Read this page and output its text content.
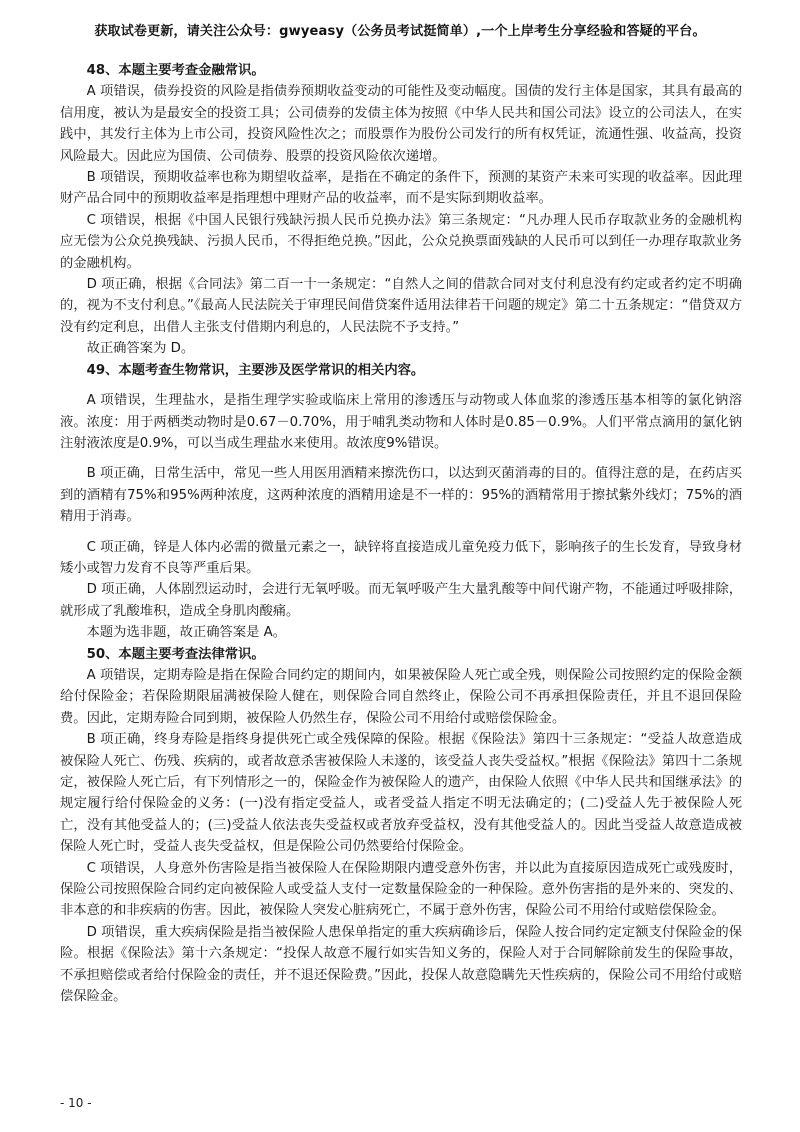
获取试卷更新，请关注公众号：gwyeasy（公务员考试挺简单）,一个上岸考生分享经验和答疑的平台。

48、本题主要考查金融常识。

A 项错误，债券投资的风险是指债券预期收益变动的可能性及变动幅度。国债的发行主体是国家，其具有最高的信用度，被认为是最安全的投资工具；公司债券的发债主体为按照《中华人民共和国公司法》设立的公司法人，在实践中，其发行主体为上市公司，投资风险性次之；而股票作为股份公司发行的所有权凭证，流通性强、收益高，投资风险最大。因此应为国债、公司债券、股票的投资风险依次递增。

B 项错误，预期收益率也称为期望收益率，是指在不确定的条件下，预测的某资产未来可实现的收益率。因此理财产品合同中的预期收益率是指理想中理财产品的收益率，而不是实际到期收益率。

C 项错误，根据《中国人民银行残缺污损人民币兑换办法》第三条规定：“凡办理人民币存取款业务的金融机构应无偿为公众兑换残缺、污损人民币，不得拒绝兑换。”因此，公众兑换票面残缺的人民币可以到任一办理存取款业务的金融机构。

D 项正确，根据《合同法》第二百一十一条规定：“自然人之间的借款合同对支付利息没有约定或者约定不明确的，视为不支付利息。”《最高人民法院关于审理民间借贷案件适用法律若干问题的规定》第二十五条规定：“借贷双方没有约定利息，出借人主张支付借期内利息的，人民法院不予支持。”

故正确答案为 D。

49、本题考查生物常识，主要涉及医学常识的相关内容。

A 项错误，生理盐水，是指生理学实验或临床上常用的渗透压与动物或人体血浆的渗透压基本相等的氯化钠溶液。浓度：用于两栖类动物时是0.67－0.70%，用于哺乳类动物和人体时是0.85－0.9%。人们平常点滴用的氯化钠注射液浓度是0.9%，可以当成生理盐水来使用。故浓度9%错误。

B 项正确，日常生活中，常见一些人用医用酒精来擦洗伤口，以达到灭菌消毒的目的。值得注意的是，在药店买到的酒精有75%和95%两种浓度，这两种浓度的酒精用途是不一样的：95%的酒精常用于擦拭紫外线灯；75%的酒精用于消毒。

C 项正确，锌是人体内必需的微量元素之一，缺锌将直接造成儿童免疫力低下，影响孩子的生长发育，导致身材矮小或智力发育不良等严重后果。

D 项正确，人体剧烈运动时，会进行无氧呼吸。而无氧呼吸产生大量乳酸等中间代谢产物，不能通过呼吸排除，就形成了乳酸堆积，造成全身肌肉酸痛。

本题为选非题，故正确答案是 A。

50、本题主要考查法律常识。

A 项错误，定期寿险是指在保险合同约定的期间内，如果被保险人死亡或全残，则保险公司按照约定的保险金额给付保险金；若保险期限届满被保险人健在，则保险合同自然终止，保险公司不再承担保险责任，并且不退回保险费。因此，定期寿险合同到期，被保险人仍然生存，保险公司不用给付或赔偿保险金。

B 项正确，终身寿险是指终身提供死亡或全残保障的保险。根据《保险法》第四十三条规定：“受益人故意造成被保险人死亡、伤残、疾病的，或者故意杀害被保险人未遂的，该受益人丧失受益权。”根据《保险法》第四十二条规定，被保险人死亡后，有下列情形之一的，保险金作为被保险人的遗产，由保险人依照《中华人民共和国继承法》的规定履行给付保险金的义务：(一)没有指定受益人，或者受益人指定不明无法确定的；(二)受益人先于被保险人死亡，没有其他受益人的；(三)受益人依法丧失受益权或者放弃受益权，没有其他受益人的。因此当受益人故意造成被保险人死亡时，受益人丧失受益权，但是保险公司仍然要给付保险金。

C 项错误，人身意外伤害险是指当被保险人在保险期限内遭受意外伤害，并以此为直接原因造成死亡或残废时，保险公司按照保险合同约定向被保险人或受益人支付一定数量保险金的一种保险。意外伤害指的是外来的、突发的、非本意的和非疾病的伤害。因此，被保险人突发心脏病死亡，不属于意外伤害，保险公司不用给付或赔偿保险金。

D 项错误，重大疾病保险是指当被保险人患保单指定的重大疾病确诊后，保险人按合同约定定额支付保险金的保险。根据《保险法》第十六条规定：“投保人故意不履行如实告知义务的，保险人对于合同解除前发生的保险事故，不承担赔偿或者给付保险金的责任，并不退还保险费。”因此，投保人故意隐瞒先天性疾病的，保险公司不用给付或赔偿保险金。

- 10 -
